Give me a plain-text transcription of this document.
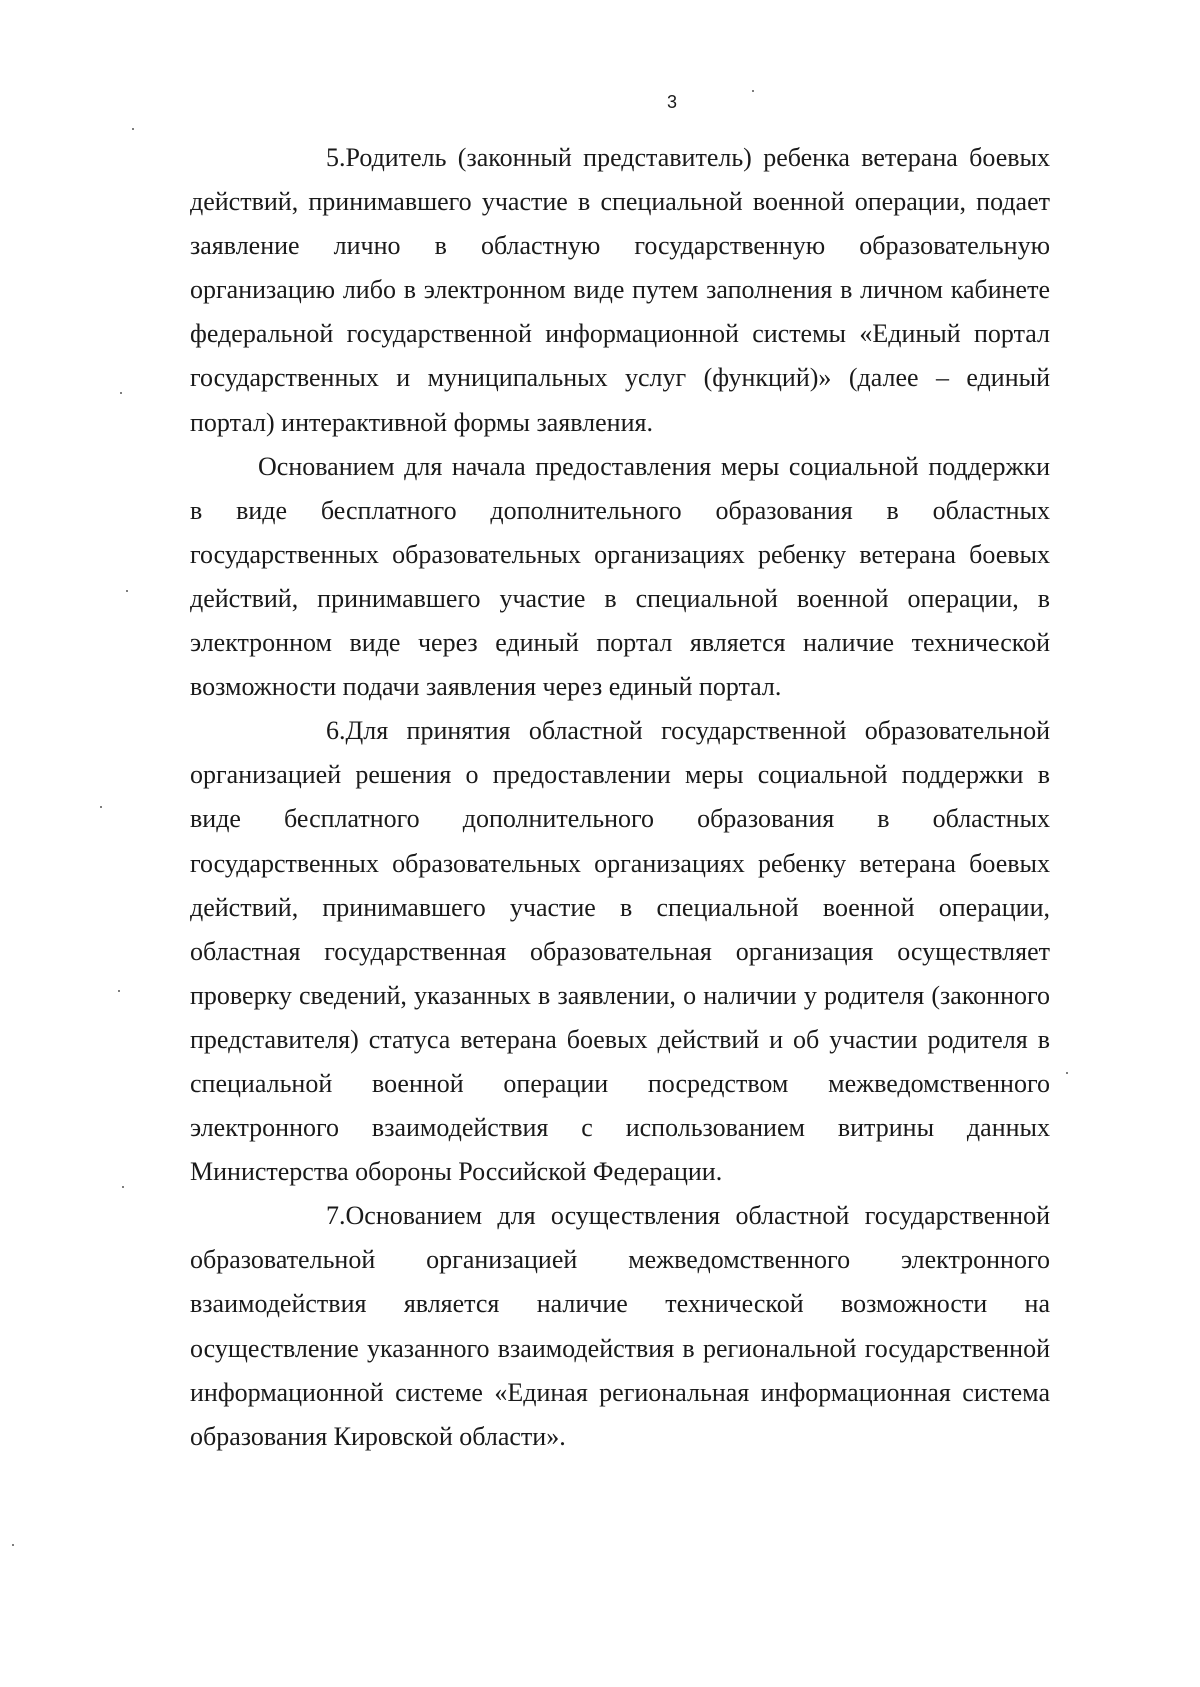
3

5.Родитель (законный представитель) ребенка ветерана боевых действий, принимавшего участие в специальной военной операции, подает заявление лично в областную государственную образовательную организацию либо в электронном виде путем заполнения в личном кабинете федеральной государственной информационной системы «Единый портал государственных и муниципальных услуг (функций)» (далее – единый портал) интерактивной формы заявления.

Основанием для начала предоставления меры социальной поддержки в виде бесплатного дополнительного образования в областных государственных образовательных организациях ребенку ветерана боевых действий, принимавшего участие в специальной военной операции, в электронном виде через единый портал является наличие технической возможности подачи заявления через единый портал.

6.Для принятия областной государственной образовательной организацией решения о предоставлении меры социальной поддержки в виде бесплатного дополнительного образования в областных государственных образовательных организациях ребенку ветерана боевых действий, принимавшего участие в специальной военной операции, областная государственная образовательная организация осуществляет проверку сведений, указанных в заявлении, о наличии у родителя (законного представителя) статуса ветерана боевых действий и об участии родителя в специальной военной операции посредством межведомственного электронного взаимодействия с использованием витрины данных Министерства обороны Российской Федерации.

7.Основанием для осуществления областной государственной образовательной организацией межведомственного электронного взаимодействия является наличие технической возможности на осуществление указанного взаимодействия в региональной государственной информационной системе «Единая региональная информационная система образования Кировской области».
